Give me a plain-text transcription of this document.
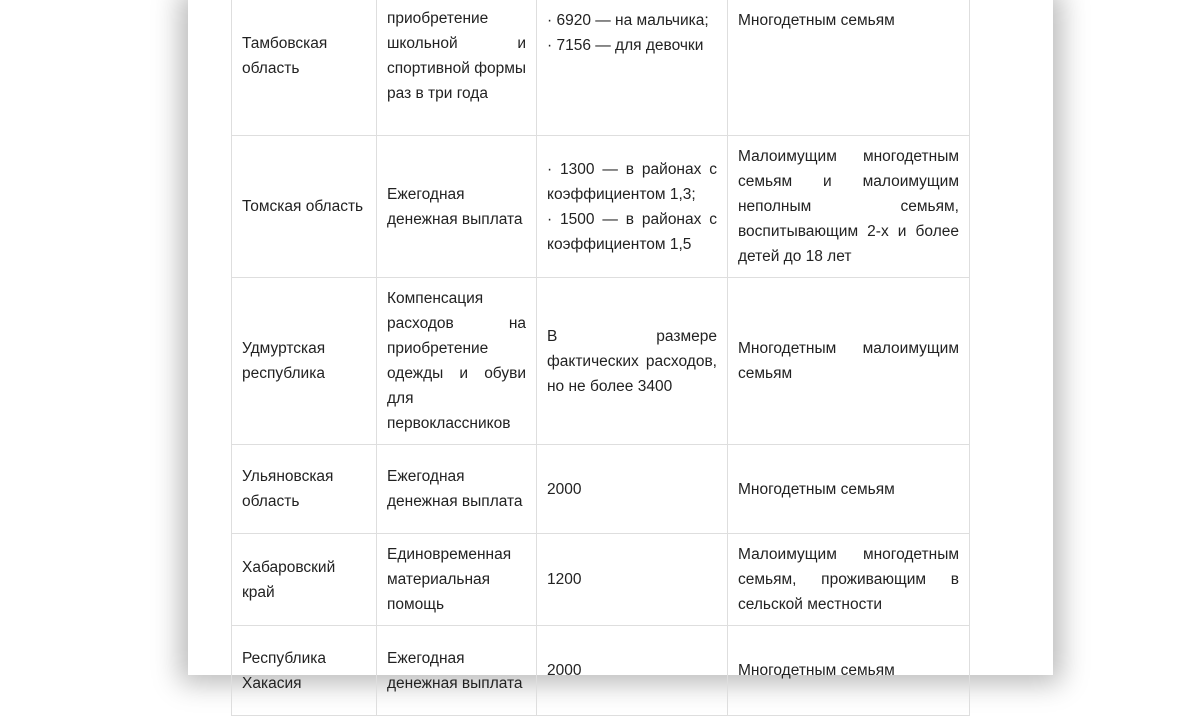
Тамбовская область	приобретение школьной и спортивной формы раз в три года	· 6920 — на мальчика;
· 7156 — для девочки	Многодетным семьям
Томская область	Ежегодная денежная выплата	· 1300 — в районах с коэффициентом 1,3;
· 1500 — в районах с коэффициентом 1,5	Малоимущим многодетным семьям и малоимущим неполным семьям, воспитывающим 2-х и более детей до 18 лет
Удмуртская республика	Компенсация расходов на приобретение одежды и обуви для первоклассников	В размере фактических расходов, но не более 3400	Многодетным малоимущим семьям
Ульяновская область	Ежегодная денежная выплата	2000	Многодетным семьям
Хабаровский край	Единовременная материальная помощь	1200	Малоимущим многодетным семьям, проживающим в сельской местности
Республика Хакасия	Ежегодная денежная выплата	2000	Многодетным семьям
